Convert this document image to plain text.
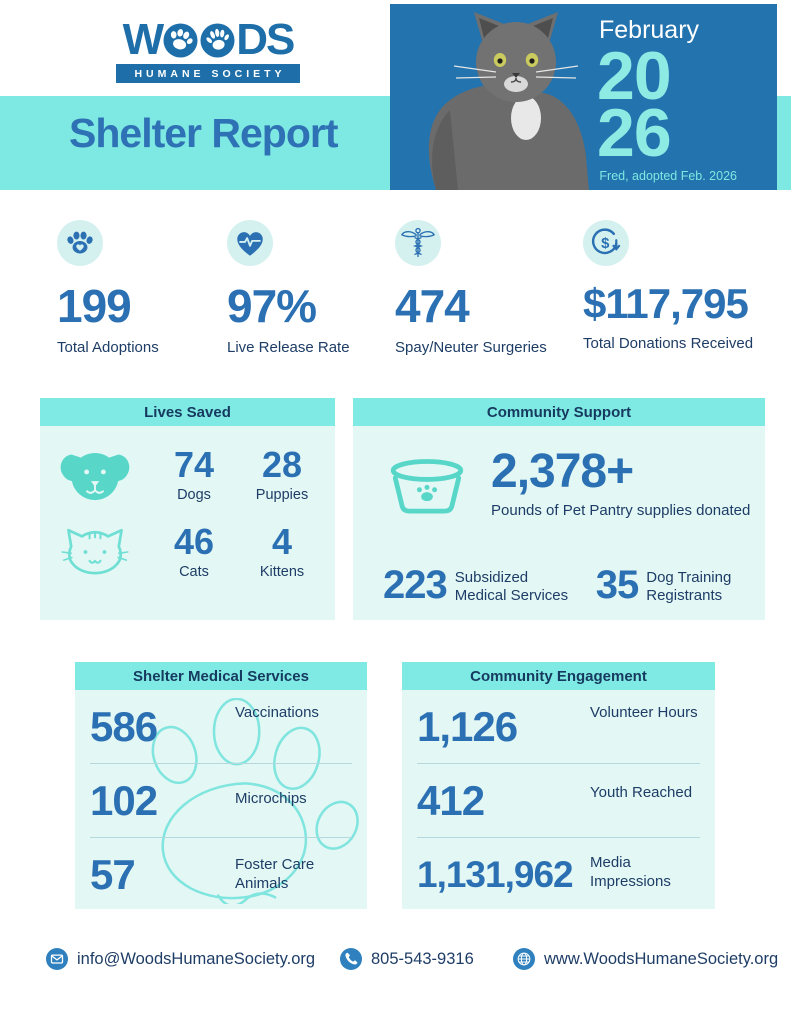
W DS
HUMANE SOCIETY
Shelter Report
February
20
26
Fred, adopted Feb. 2026
199
Total Adoptions
97%
Live Release Rate
474
Spay/Neuter Surgeries
$
$117,795
Total Donations Received
Lives Saved
74
Dogs
28
Puppies
46
Cats
4
Kittens
Community Support
2,378+
Pounds of Pet Pantry supplies donated
223 Subsidized Medical Services 35 Dog Training Registrants
Shelter Medical Services
586	Vaccinations
102	Microchips
57	Foster Care Animals
Community Engagement
1,126	Volunteer Hours
412	Youth Reached
1,131,962 Media Impressions
info@WoodsHumaneSociety.org	805-543-9316	www.WoodsHumaneSociety.org
